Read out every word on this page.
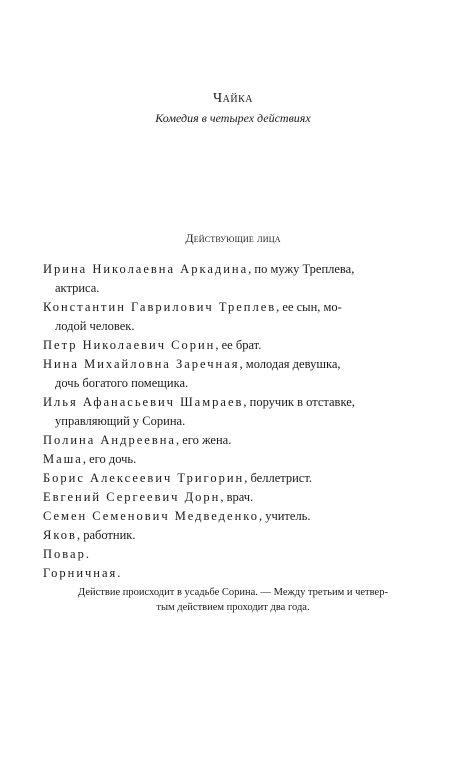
Чайка
Комедия в четырех действиях
Действующие лица
Ирина Николаевна Аркадина, по мужу Треплева,
актриса.
Константин Гаврилович Треплев, ее сын, мо-
лодой человек.
Петр Николаевич Сорин, ее брат.
Нина Михайловна Заречная, молодая девушка,
дочь богатого помещика.
Илья Афанасьевич Шамраев, поручик в отставке,
управляющий у Сорина.
Полина Андреевна, его жена.
Маша, его дочь.
Борис Алексеевич Тригорин, беллетрист.
Евгений Сергеевич Дорн, врач.
Семен Семенович Медведенко, учитель.
Яков, работник.
Повар.
Горничная.
Действие происходит в усадьбе Сорина. — Между третьим и четвер-
тым действием проходит два года.
